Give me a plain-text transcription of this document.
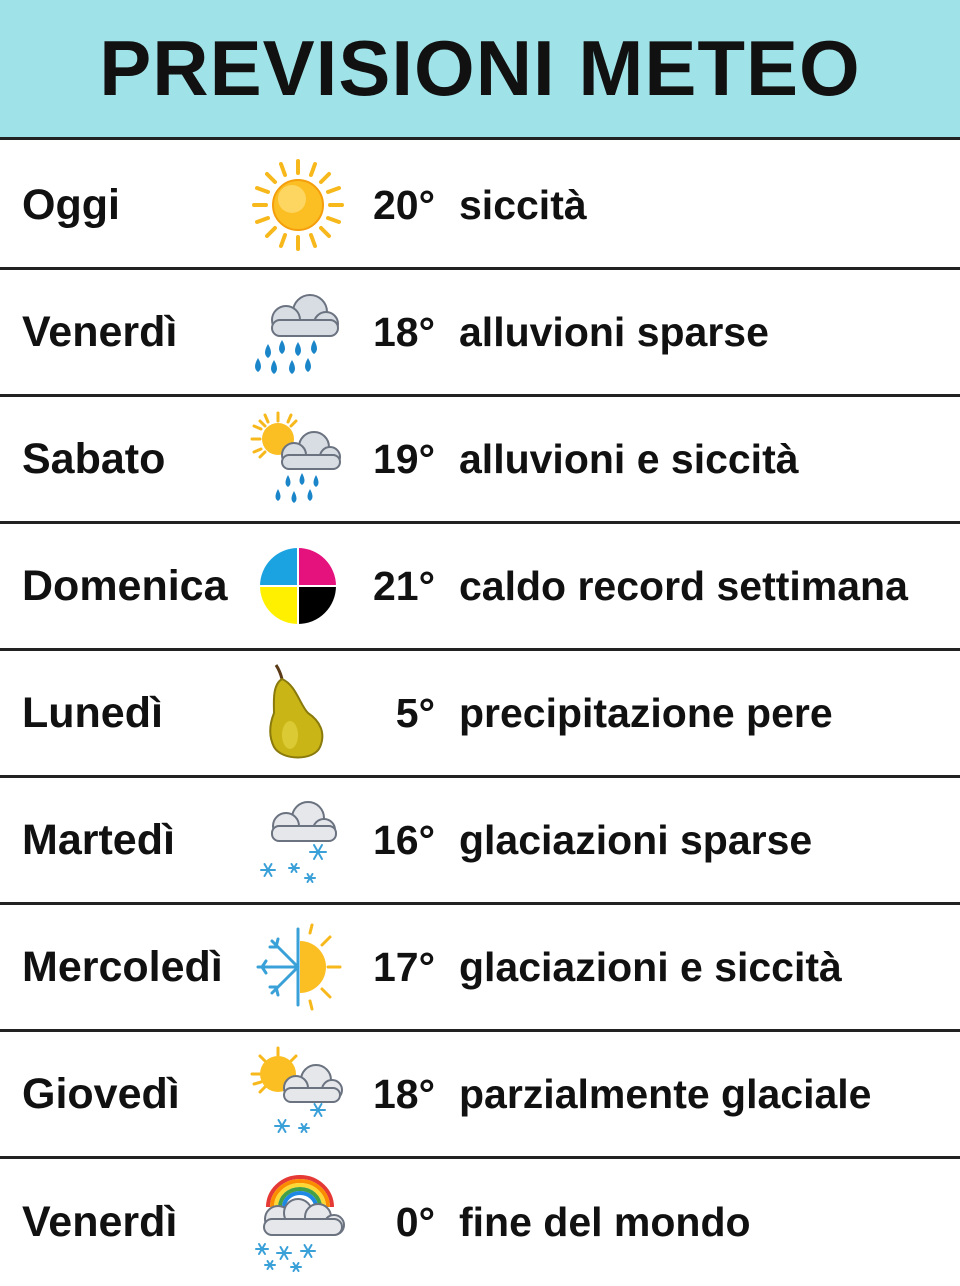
PREVISIONI METEO
Oggi	20° siccità
Venerdì	18° alluvioni sparse
Sabato	19° alluvioni e siccità
Domenica	21° caldo record settimana
Lunedì	5° precipitazione pere
Martedì	16° glaciazioni sparse
Mercoledì	17° glaciazioni e siccità
Giovedì	18° parzialmente glaciale
Venerdì	0° fine del mondo
